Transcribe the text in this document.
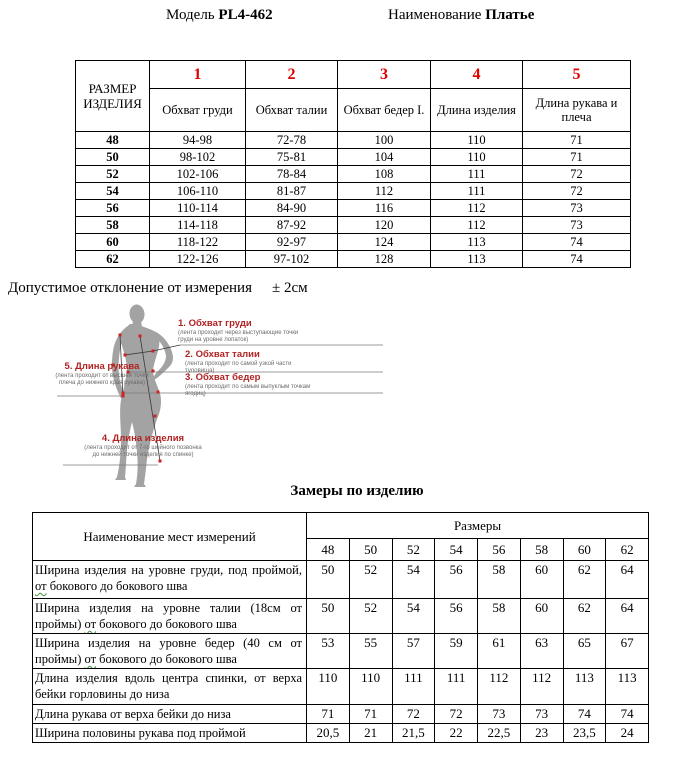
Модель PL4-462	Наименование Платье
РАЗМЕР ИЗДЕЛИЯ	1	2	3	4	5
	Обхват груди	Обхват талии	Обхват бедер I.	Длина изделия	Длина рукава и плеча
48	94-98	72-78	100	110	71
50	98-102	75-81	104	110	71
52	102-106	78-84	108	111	72
54	106-110	81-87	112	111	72
56	110-114	84-90	116	112	73
58	114-118	87-92	120	112	73
60	118-122	92-97	124	113	74
62	122-126	97-102	128	113	74
Допустимое отклонение от измерения ± 2см
1. Обхват груди
(лента проходит через выступающие точки груди на уровне лопаток)
2. Обхват талии
(лента проходит по самой узкой части туловища)
3. Обхват бедер
(лента проходит по самым выпуклым точкам ягодиц)
5. Длина рукава
(лента проходит от высшей точки плеча до нижнего края рукава)
4. Длина изделия
(лента проходит от 7-го шейного позвонка до нижней точки изделия по спинке)
Замеры по изделию
Наименование мест измерений	Размеры							
	48	50	52	54	56	58	60	62
Ширина изделия на уровне груди, под проймой, от бокового до бокового шва	50	52	54	56	58	60	62	64
Ширина изделия на уровне талии (18см от проймы) от бокового до бокового шва	50	52	54	56	58	60	62	64
Ширина изделия на уровне бедер (40 см от проймы) от бокового до бокового шва	53	55	57	59	61	63	65	67
Длина изделия вдоль центра спинки, от верха бейки горловины до низа	110	110	111	111	112	112	113	113
Длина рукава от верха бейки до низа	71	71	72	72	73	73	74	74
Ширина половины рукава под проймой	20,5	21	21,5	22	22,5	23	23,5	24
